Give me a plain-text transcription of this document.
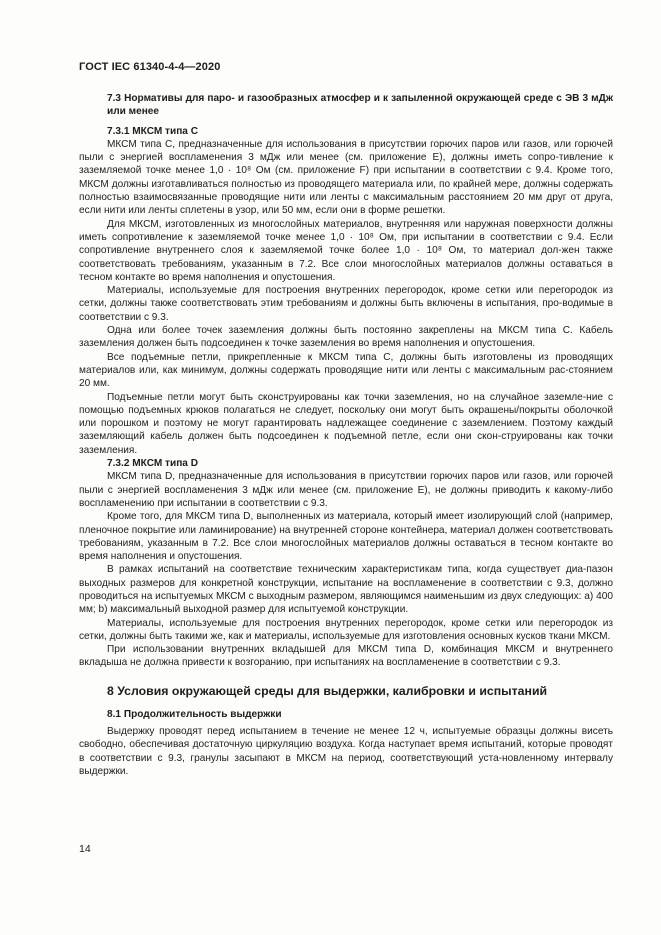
ГОСТ IEC 61340-4-4—2020

7.3 Нормативы для паро- и газообразных атмосфер и к запыленной окружающей среде с ЭВ 3 мДж или менее

7.3.1 МКСМ типа С

МКСМ типа С, предназначенные для использования в присутствии горючих паров или газов, или горючей пыли с энергией воспламенения 3 мДж или менее (см. приложение Е), должны иметь сопро-тивление к заземляемой точке менее 1,0 · 10⁸ Ом (см. приложение F) при испытании в соответствии с 9.4. Кроме того, МКСМ должны изготавливаться полностью из проводящего материала или, по крайней мере, должны содержать полностью взаимосвязанные проводящие нити или ленты с максимальным расстоянием 20 мм друг от друга, если нити или ленты сплетены в узор, или 50 мм, если они в форме решетки.

Для МКСМ, изготовленных из многослойных материалов, внутренняя или наружная поверхности должны иметь сопротивление к заземляемой точке менее 1,0 · 10⁸ Ом, при испытании в соответствии с 9.4. Если сопротивление внутреннего слоя к заземляемой точке более 1,0 · 10⁸ Ом, то материал дол-жен также соответствовать требованиям, указанным в 7.2. Все слои многослойных материалов должны оставаться в тесном контакте во время наполнения и опустошения.

Материалы, используемые для построения внутренних перегородок, кроме сетки или перегородок из сетки, должны также соответствовать этим требованиям и должны быть включены в испытания, про-водимые в соответствии с 9.3.

Одна или более точек заземления должны быть постоянно закреплены на МКСМ типа С. Кабель заземления должен быть подсоединен к точке заземления во время наполнения и опустошения.

Все подъемные петли, прикрепленные к МКСМ типа С, должны быть изготовлены из проводящих материалов или, как минимум, должны содержать проводящие нити или ленты с максимальным рас-стоянием 20 мм.

Подъемные петли могут быть сконструированы как точки заземления, но на случайное заземле-ние с помощью подъемных крюков полагаться не следует, поскольку они могут быть окрашены/покрыты оболочкой или порошком и поэтому не могут гарантировать надлежащее соединение с заземлением. Поэтому каждый заземляющий кабель должен быть подсоединен к подъемной петле, если они скон-струированы как точки заземления.

7.3.2 МКСМ типа D

МКСМ типа D, предназначенные для использования в присутствии горючих паров или газов, или горючей пыли с энергией воспламенения 3 мДж или менее (см. приложение Е), не должны приводить к какому-либо воспламенению при испытании в соответствии с 9.3.

Кроме того, для МКСМ типа D, выполненных из материала, который имеет изолирующий слой (например, пленочное покрытие или ламинирование) на внутренней стороне контейнера, материал должен соответствовать требованиям, указанным в 7.2. Все слои многослойных материалов должны оставаться в тесном контакте во время наполнения и опустошения.

В рамках испытаний на соответствие техническим характеристикам типа, когда существует диа-пазон выходных размеров для конкретной конструкции, испытание на воспламенение в соответствии с 9.3, должно проводиться на испытуемых МКСМ с выходным размером, являющимся наименьшим из двух следующих: а) 400 мм; b) максимальный выходной размер для испытуемой конструкции.

Материалы, используемые для построения внутренних перегородок, кроме сетки или перегородок из сетки, должны быть такими же, как и материалы, используемые для изготовления основных кусков ткани МКСМ.

При использовании внутренних вкладышей для МКСМ типа D, комбинация МКСМ и внутреннего вкладыша не должна привести к возгоранию, при испытаниях на воспламенение в соответствии с 9.3.

8 Условия окружающей среды для выдержки, калибровки и испытаний

8.1 Продолжительность выдержки

Выдержку проводят перед испытанием в течение не менее 12 ч, испытуемые образцы должны висеть свободно, обеспечивая достаточную циркуляцию воздуха. Когда наступает время испытаний, которые проводят в соответствии с 9.3, гранулы засыпают в МКСМ на период, соответствующий уста-новленному интервалу выдержки.

14
